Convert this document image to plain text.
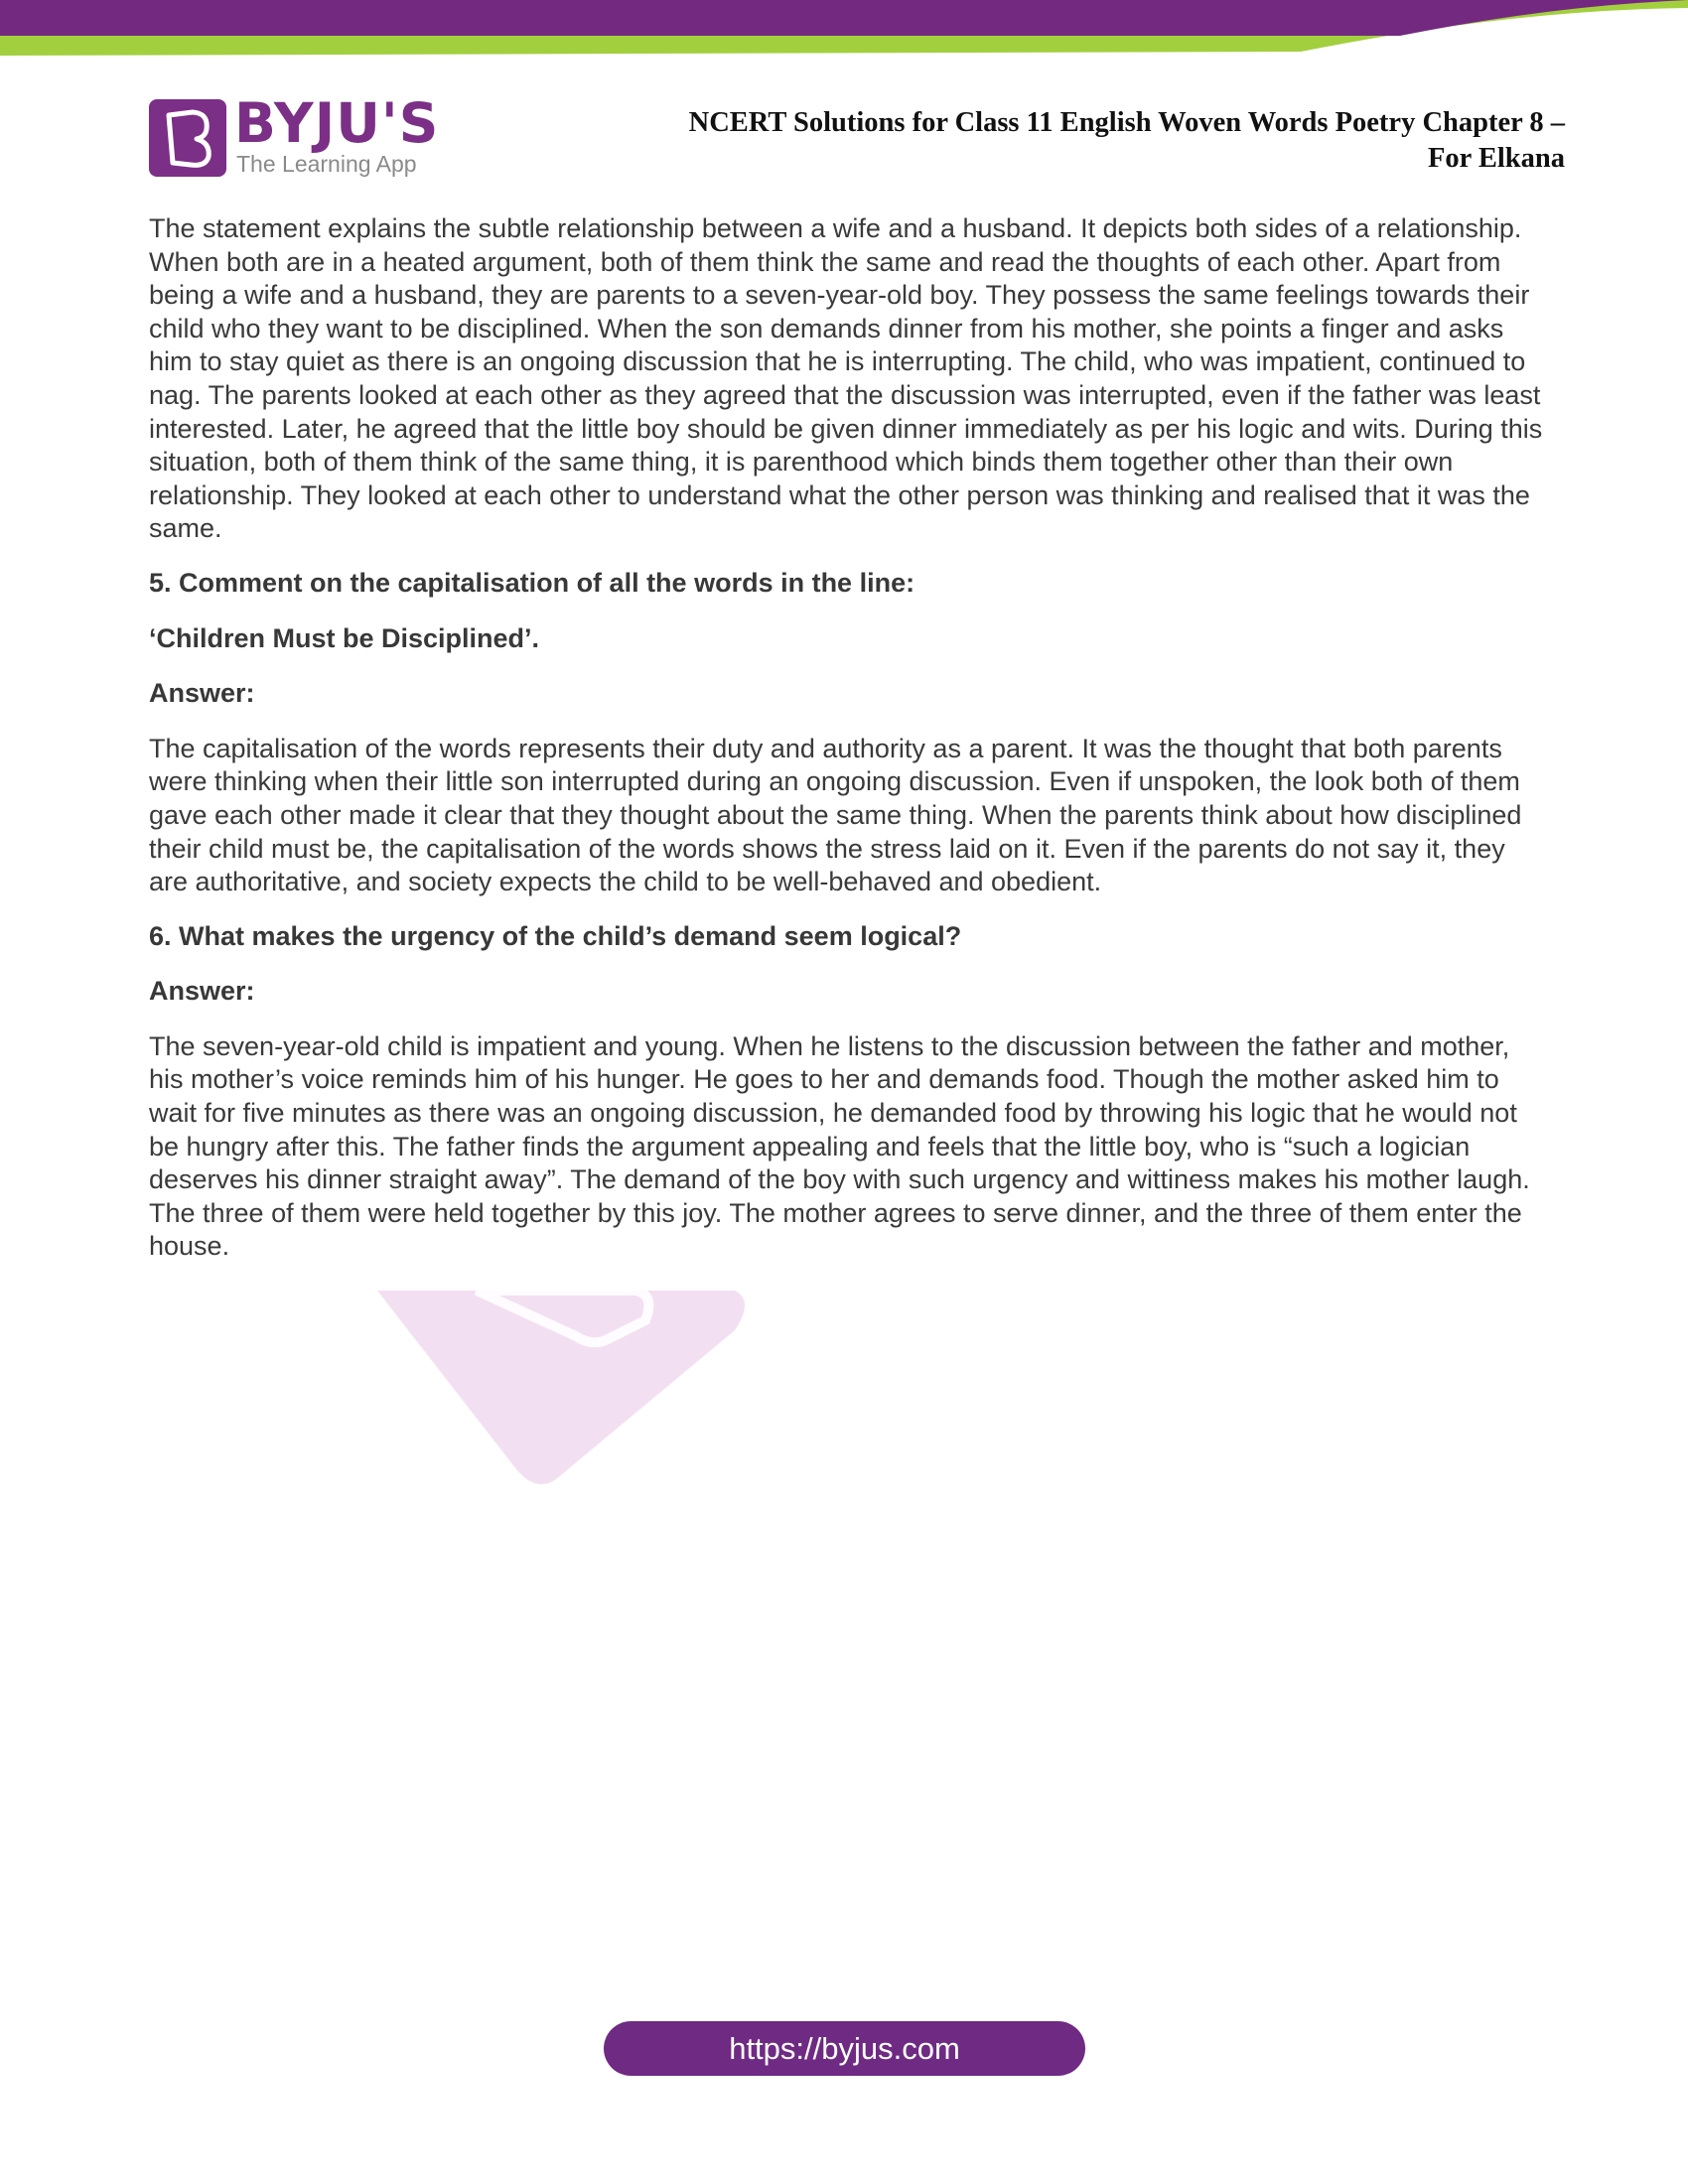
BYJU'S
The Learning App
NCERT Solutions for Class 11 English Woven Words Poetry Chapter 8 –
For Elkana

The statement explains the subtle relationship between a wife and a husband. It depicts both sides of a relationship. When both are in a heated argument, both of them think the same and read the thoughts of each other. Apart from being a wife and a husband, they are parents to a seven-year-old boy. They possess the same feelings towards their child who they want to be disciplined. When the son demands dinner from his mother, she points a finger and asks him to stay quiet as there is an ongoing discussion that he is interrupting. The child, who was impatient, continued to nag. The parents looked at each other as they agreed that the discussion was interrupted, even if the father was least interested. Later, he agreed that the little boy should be given dinner immediately as per his logic and wits. During this situation, both of them think of the same thing, it is parenthood which binds them together other than their own relationship. They looked at each other to understand what the other person was thinking and realised that it was the same.

5. Comment on the capitalisation of all the words in the line:

‘Children Must be Disciplined’.

Answer:

The capitalisation of the words represents their duty and authority as a parent. It was the thought that both parents were thinking when their little son interrupted during an ongoing discussion. Even if unspoken, the look both of them gave each other made it clear that they thought about the same thing. When the parents think about how disciplined their child must be, the capitalisation of the words shows the stress laid on it. Even if the parents do not say it, they are authoritative, and society expects the child to be well-behaved and obedient.

6. What makes the urgency of the child’s demand seem logical?

Answer:

The seven-year-old child is impatient and young. When he listens to the discussion between the father and mother, his mother’s voice reminds him of his hunger. He goes to her and demands food. Though the mother asked him to wait for five minutes as there was an ongoing discussion, he demanded food by throwing his logic that he would not be hungry after this. The father finds the argument appealing and feels that the little boy, who is “such a logician deserves his dinner straight away”. The demand of the boy with such urgency and wittiness makes his mother laugh. The three of them were held together by this joy. The mother agrees to serve dinner, and the three of them enter the house.

https://byjus.com
